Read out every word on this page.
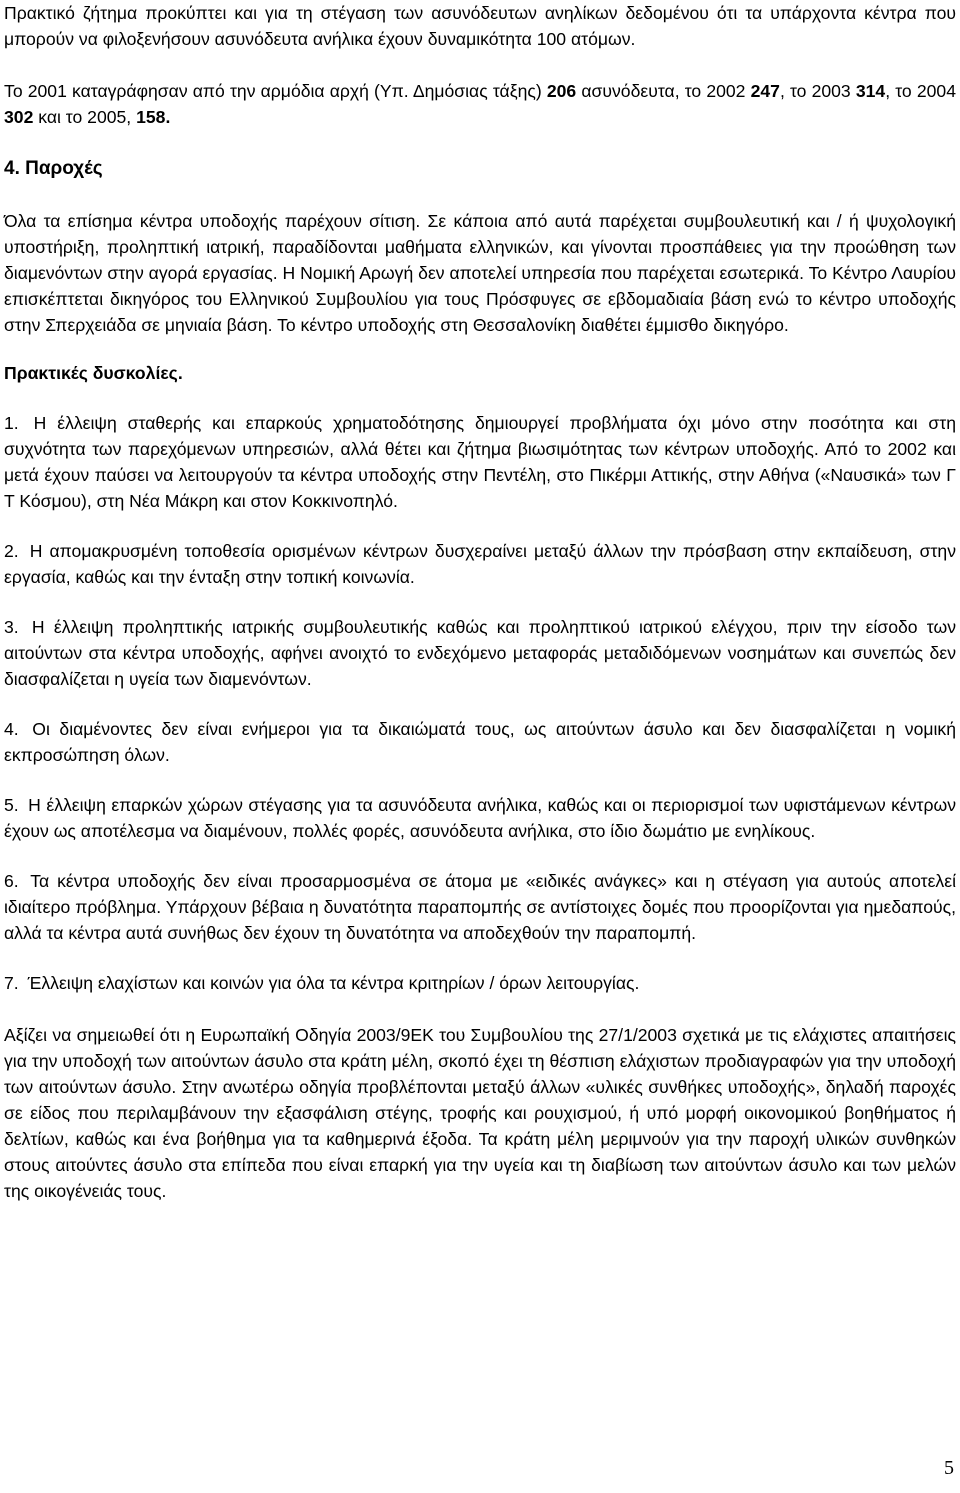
Πρακτικό ζήτημα προκύπτει και για τη στέγαση των ασυνόδευτων ανηλίκων δεδομένου ότι τα υπάρχοντα κέντρα που μπορούν να φιλοξενήσουν ασυνόδευτα ανήλικα έχουν δυναμικότητα 100 ατόμων.

Το 2001 καταγράφησαν από την αρμόδια αρχή (Υπ. Δημόσιας τάξης) 206 ασυνόδευτα, το 2002 247, το 2003 314, το 2004 302 και το 2005, 158.

4. Παροχές

Όλα τα επίσημα κέντρα υποδοχής παρέχουν σίτιση. Σε κάποια από αυτά παρέχεται συμβουλευτική και / ή ψυχολογική υποστήριξη, προληπτική ιατρική, παραδίδονται μαθήματα ελληνικών, και γίνονται προσπάθειες για την προώθηση των διαμενόντων στην αγορά εργασίας. Η Νομική Αρωγή δεν αποτελεί υπηρεσία που παρέχεται εσωτερικά. Το Κέντρο Λαυρίου επισκέπτεται δικηγόρος του Ελληνικού Συμβουλίου για τους Πρόσφυγες σε εβδομαδιαία βάση ενώ το κέντρο υποδοχής στην Σπερχειάδα σε μηνιαία βάση. Το κέντρο υποδοχής στη Θεσσαλονίκη διαθέτει έμμισθο δικηγόρο.

Πρακτικές δυσκολίες.

1. Η έλλειψη σταθερής και επαρκούς χρηματοδότησης δημιουργεί προβλήματα όχι μόνο στην ποσότητα και στη συχνότητα των παρεχόμενων υπηρεσιών, αλλά θέτει και ζήτημα βιωσιμότητας των κέντρων υποδοχής. Από το 2002 και μετά έχουν παύσει να λειτουργούν τα κέντρα υποδοχής στην Πεντέλη, στο Πικέρμι Αττικής, στην Αθήνα («Ναυσικά» των Γ Τ Κόσμου), στη Νέα Μάκρη και στον Κοκκινοπηλό.

2. Η απομακρυσμένη τοποθεσία ορισμένων κέντρων δυσχεραίνει μεταξύ άλλων την πρόσβαση στην εκπαίδευση, στην εργασία, καθώς και την ένταξη στην τοπική κοινωνία.

3. Η έλλειψη προληπτικής ιατρικής συμβουλευτικής καθώς και προληπτικού ιατρικού ελέγχου, πριν την είσοδο των αιτούντων στα κέντρα υποδοχής, αφήνει ανοιχτό το ενδεχόμενο μεταφοράς μεταδιδόμενων νοσημάτων και συνεπώς δεν διασφαλίζεται η υγεία των διαμενόντων.

4. Οι διαμένοντες δεν είναι ενήμεροι για τα δικαιώματά τους, ως αιτούντων άσυλο και δεν διασφαλίζεται η νομική εκπροσώπηση όλων.

5. Η έλλειψη επαρκών χώρων στέγασης για τα ασυνόδευτα ανήλικα, καθώς και οι περιορισμοί των υφιστάμενων κέντρων έχουν ως αποτέλεσμα να διαμένουν, πολλές φορές, ασυνόδευτα ανήλικα, στο ίδιο δωμάτιο με ενηλίκους.

6. Τα κέντρα υποδοχής δεν είναι προσαρμοσμένα σε άτομα με «ειδικές ανάγκες» και η στέγαση για αυτούς αποτελεί ιδιαίτερο πρόβλημα. Υπάρχουν βέβαια η δυνατότητα παραπομπής σε αντίστοιχες δομές που προορίζονται για ημεδαπούς, αλλά τα κέντρα αυτά συνήθως δεν έχουν τη δυνατότητα να αποδεχθούν την παραπομπή.

7. Έλλειψη ελαχίστων και κοινών για όλα τα κέντρα κριτηρίων / όρων λειτουργίας.

Αξίζει να σημειωθεί ότι η Ευρωπαϊκή Οδηγία 2003/9ΕΚ του Συμβουλίου της 27/1/2003 σχετικά με τις ελάχιστες απαιτήσεις για την υποδοχή των αιτούντων άσυλο στα κράτη μέλη, σκοπό έχει τη θέσπιση ελάχιστων προδιαγραφών για την υποδοχή των αιτούντων άσυλο. Στην ανωτέρω οδηγία προβλέπονται μεταξύ άλλων «υλικές συνθήκες υποδοχής», δηλαδή παροχές σε είδος που περιλαμβάνουν την εξασφάλιση στέγης, τροφής και ρουχισμού, ή υπό μορφή οικονομικού βοηθήματος ή δελτίων, καθώς και ένα βοήθημα για τα καθημερινά έξοδα. Τα κράτη μέλη μεριμνούν για την παροχή υλικών συνθηκών στους αιτούντες άσυλο στα επίπεδα που είναι επαρκή για την υγεία και τη διαβίωση των αιτούντων άσυλο και των μελών της οικογένειάς τους.

5
